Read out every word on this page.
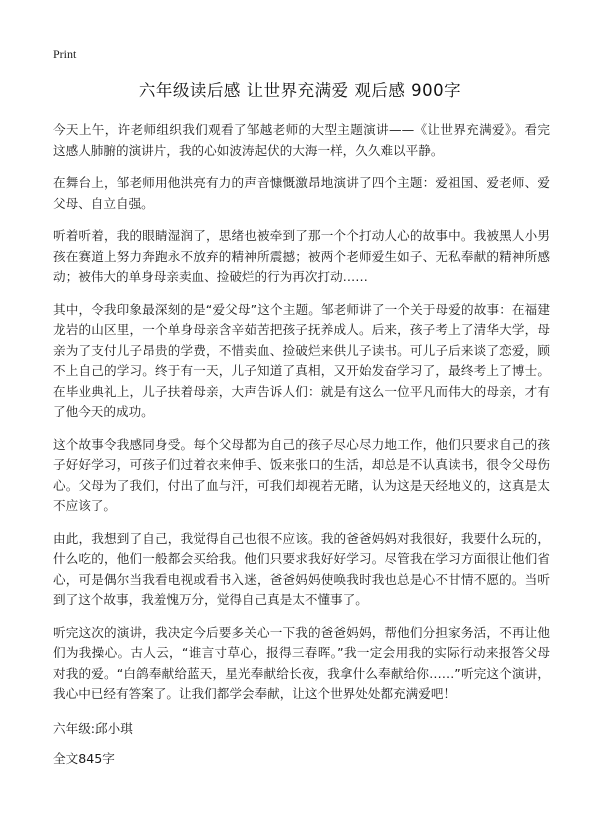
Print
六年级读后感 让世界充满爱 观后感 900字

今天上午，许老师组织我们观看了邹越老师的大型主题演讲——《让世界充满爱》。看完这感人肺腑的演讲片，我的心如波涛起伏的大海一样，久久难以平静。

在舞台上，邹老师用他洪亮有力的声音慷慨激昂地演讲了四个主题：爱祖国、爱老师、爱父母、自立自强。

听着听着，我的眼睛湿润了，思绪也被牵到了那一个个打动人心的故事中。我被黑人小男孩在赛道上努力奔跑永不放弃的精神所震撼；被两个老师爱生如子、无私奉献的精神所感动；被伟大的单身母亲卖血、捡破烂的行为再次打动……

其中，令我印象最深刻的是“爱父母”这个主题。邹老师讲了一个关于母爱的故事：在福建龙岩的山区里，一个单身母亲含辛茹苦把孩子抚养成人。后来，孩子考上了清华大学，母亲为了支付儿子昂贵的学费，不惜卖血、捡破烂来供儿子读书。可儿子后来谈了恋爱，顾不上自己的学习。终于有一天，儿子知道了真相，又开始发奋学习了，最终考上了博士。在毕业典礼上，儿子扶着母亲，大声告诉人们：就是有这么一位平凡而伟大的母亲，才有了他今天的成功。

这个故事令我感同身受。每个父母都为自己的孩子尽心尽力地工作，他们只要求自己的孩子好好学习，可孩子们过着衣来伸手、饭来张口的生活，却总是不认真读书，很令父母伤心。父母为了我们，付出了血与汗，可我们却视若无睹，认为这是天经地义的，这真是太不应该了。

由此，我想到了自己，我觉得自己也很不应该。我的爸爸妈妈对我很好，我要什么玩的，什么吃的，他们一般都会买给我。他们只要求我好好学习。尽管我在学习方面很让他们省心，可是偶尔当我看电视或看书入迷，爸爸妈妈使唤我时我也总是心不甘情不愿的。当听到了这个故事，我羞愧万分，觉得自己真是太不懂事了。

听完这次的演讲，我决定今后要多关心一下我的爸爸妈妈，帮他们分担家务活，不再让他们为我操心。古人云，“谁言寸草心，报得三春晖。”我一定会用我的实际行动来报答父母对我的爱。“白鸽奉献给蓝天，星光奉献给长夜，我拿什么奉献给你……”听完这个演讲，我心中已经有答案了。让我们都学会奉献，让这个世界处处都充满爱吧！

六年级:邱小琪
全文845字
